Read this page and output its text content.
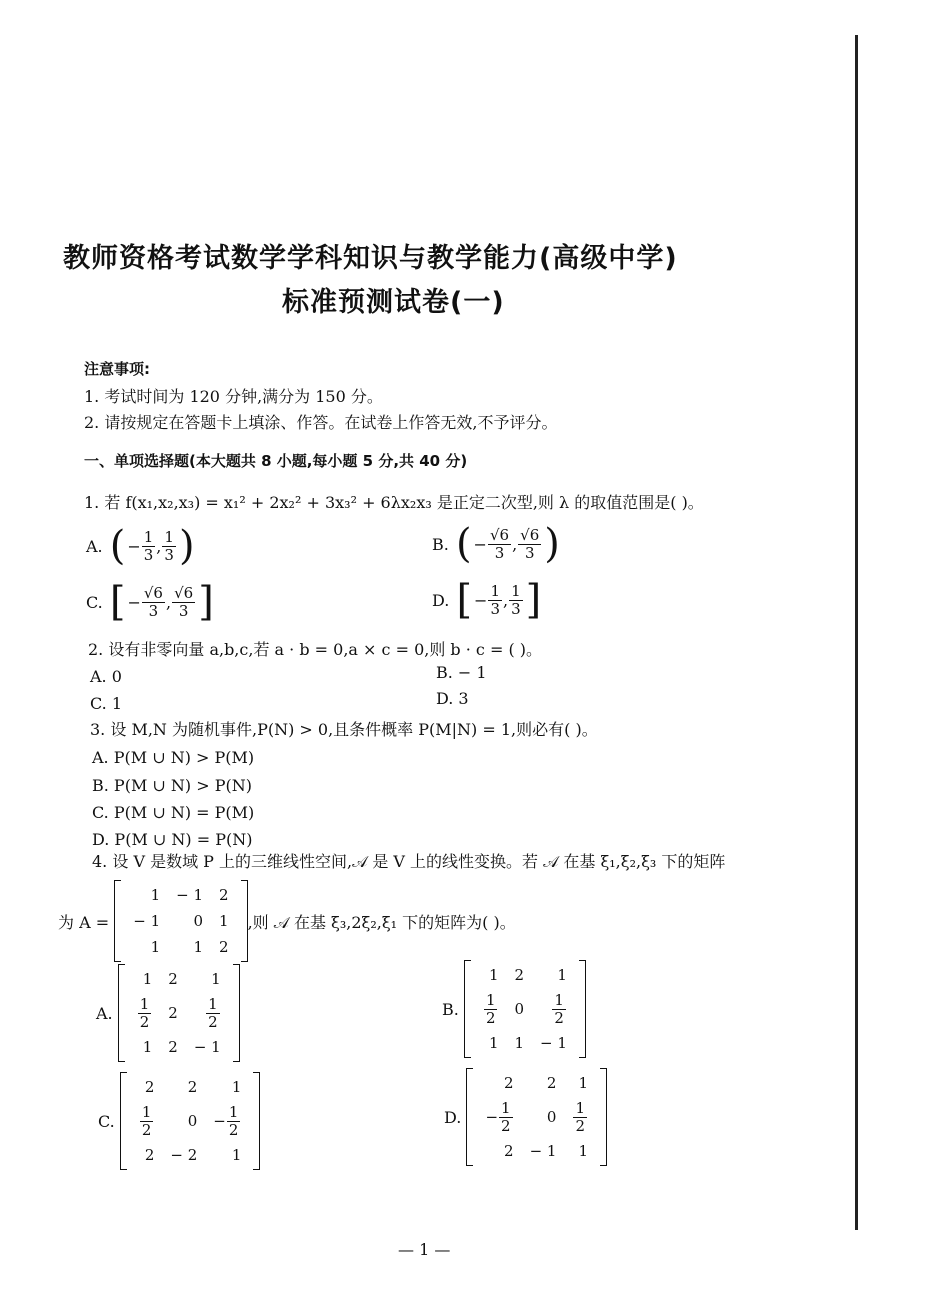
教师资格考试数学学科知识与教学能力(高级中学)
标准预测试卷(一)
注意事项:
1. 考试时间为 120 分钟,满分为 150 分。
2. 请按规定在答题卡上填涂、作答。在试卷上作答无效,不予评分。
一、单项选择题(本大题共 8 小题,每小题 5 分,共 40 分)
1. 若 f(x₁,x₂,x₃) = x₁² + 2x₂² + 3x₃² + 6λx₂x₃ 是正定二次型,则 λ 的取值范围是( )。
A.
( − $\frac{1}{3}$ , $\frac{1}{3}$ )	B.
( − $\frac{√6}{3}$ , $\frac{√6}{3}$ )
C.
[ − $\frac{√6}{3}$ , $\frac{√6}{3}$ ]	D.
[ − $\frac{1}{3}$ , $\frac{1}{3}$ ]
2. 设有非零向量 a,b,c,若 a · b = 0,a × c = 0,则 b · c = ( )。
A. 0	B. − 1
C. 1	D. 3
3. 设 M,N 为随机事件,P(N) > 0,且条件概率 P(M|N) = 1,则必有( )。
A. P(M ∪ N) > P(M)
B. P(M ∪ N) > P(N)
C. P(M ∪ N) = P(M)
D. P(M ∪ N) = P(N)
4. 设 V 是数域 P 上的三维线性空间,𝒜 是 V 上的线性变换。若 𝒜 在基 ξ₁,ξ₂,ξ₃ 下的矩阵
为 A =

1	− 1	2
− 1	0	1
1	1	2
,则 𝒜 在基 ξ₃,2ξ₂,ξ₁ 下的矩阵为( )。
A.

1	2	1
$\frac{1}{2}$	2	$\frac{1}{2}$
1	2	− 1
B.

1	2	1
$\frac{1}{2}$	0	$\frac{1}{2}$
1	1	− 1
C.

2	2	1
$\frac{1}{2}$	0	− $\frac{1}{2}$
2	− 2	1
D.

2	2	1
− $\frac{1}{2}$	0	$\frac{1}{2}$
2	− 1	1
— 1 —
